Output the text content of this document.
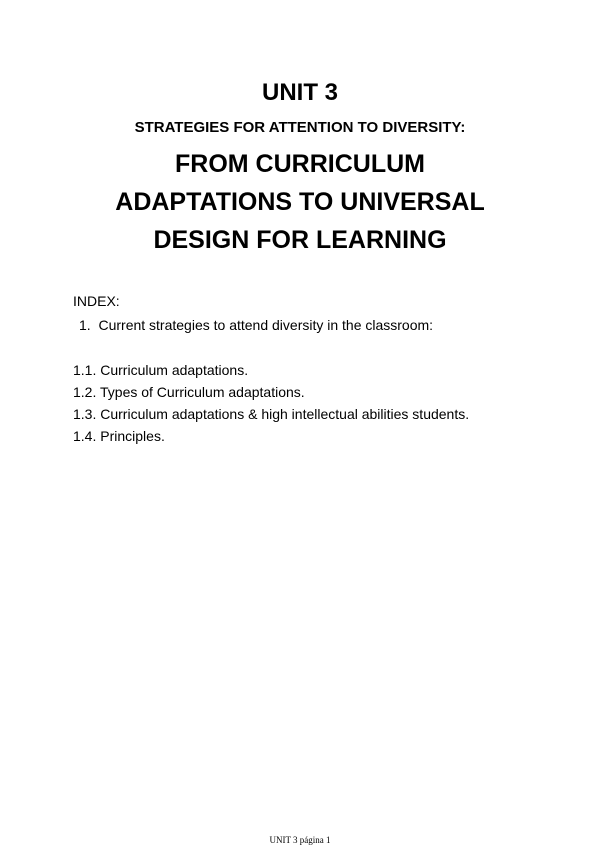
UNIT 3
STRATEGIES FOR ATTENTION TO DIVERSITY:
FROM CURRICULUM
ADAPTATIONS TO UNIVERSAL
DESIGN FOR LEARNING
INDEX:
1. Current strategies to attend diversity in the classroom:
1.1. Curriculum adaptations.
1.2. Types of Curriculum adaptations.
1.3. Curriculum adaptations & high intellectual abilities students.
1.4. Principles.
UNIT 3 página 1
